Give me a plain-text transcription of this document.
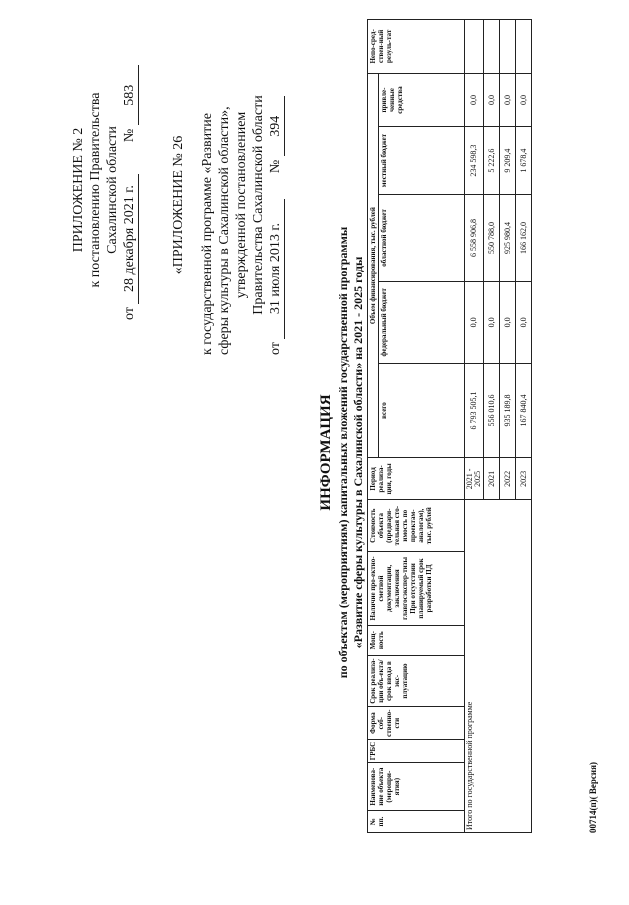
ПРИЛОЖЕНИЕ № 2 к постановлению Правительства Сахалинской области
от 28 декабря 2021 г. № 583
«ПРИЛОЖЕНИЕ № 26 к государственной программе «Развитие сферы культуры в Сахалинской области», утвержденной постановлением Правительства Сахалинской области
от 31 июля 2013 г. № 394
ИНФОРМАЦИЯ по объектам (мероприятиям) капитальных вложений государственной программы «Развитие сферы культуры в Сахалинской области» на 2021 - 2025 годы
№ пп.	Наименова-ние объекта (меропри-ятия)	ГРБС	Форма соб-ственно-сти	Срок реализа-ции объ-екта/срок ввода в экс-плуатацию	Мощ-ность	Наличие про-ектно-сметной документации, заключения главгосэкспер-тизы При отсутствии планируемый срок разработки ПД	Стоимость объекта (предвари-тельная сто-имость по проектам-аналогам), тыс. рублей	Период реализа-ции, годы	Объем финансирования, тыс. рублей					Непо-сред-ствен-ный резуль-тат
									всего	федеральный бюджет	областной бюджет	местный бюджет	привле-ченные средства	
Итого по государственной программе								2021 - 2025	6 793 505,1	0,0	6 558 906,8	234 598,3	0,0	
								2021	556 010,6	0,0	550 788,0	5 222,6	0,0	
								2022	935 189,8	0,0	925 980,4	9 209,4	0,0	
								2023	167 840,4	0,0	166 162,0	1 678,4	0,0	
00714(п)( Версия)
